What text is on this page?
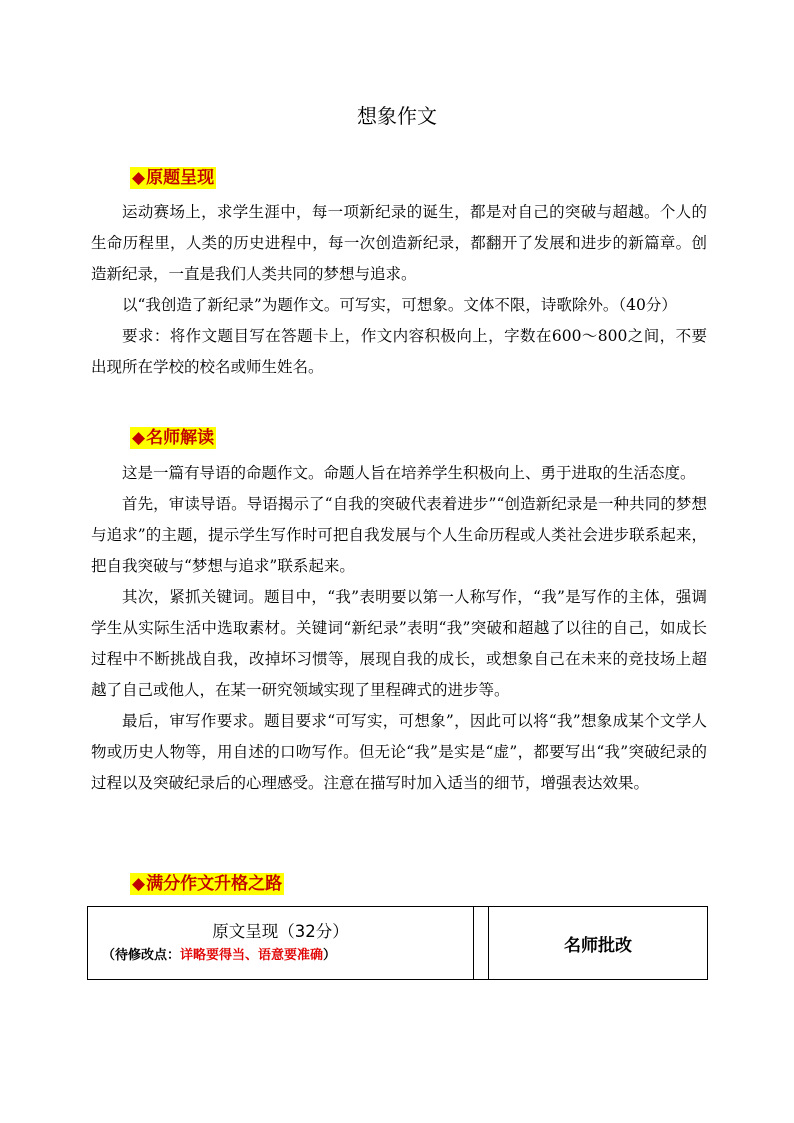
想象作文
◆原题呈现

运动赛场上，求学生涯中，每一项新纪录的诞生，都是对自己的突破与超越。个人的生命历程里，人类的历史进程中，每一次创造新纪录，都翻开了发展和进步的新篇章。创造新纪录，一直是我们人类共同的梦想与追求。

以“我创造了新纪录”为题作文。可写实，可想象。文体不限，诗歌除外。（40分）

要求：将作文题目写在答题卡上，作文内容积极向上，字数在600～800之间，不要出现所在学校的校名或师生姓名。

◆名师解读

这是一篇有导语的命题作文。命题人旨在培养学生积极向上、勇于进取的生活态度。

首先，审读导语。导语揭示了“自我的突破代表着进步”“创造新纪录是一种共同的梦想与追求”的主题，提示学生写作时可把自我发展与个人生命历程或人类社会进步联系起来，把自我突破与“梦想与追求”联系起来。

其次，紧抓关键词。题目中，“我”表明要以第一人称写作，“我”是写作的主体，强调学生从实际生活中选取素材。关键词“新纪录”表明“我”突破和超越了以往的自己，如成长过程中不断挑战自我，改掉坏习惯等，展现自我的成长，或想象自己在未来的竞技场上超越了自己或他人，在某一研究领域实现了里程碑式的进步等。

最后，审写作要求。题目要求“可写实，可想象”，因此可以将“我”想象成某个文学人物或历史人物等，用自述的口吻写作。但无论“我”是实是“虚”，都要写出“我”突破纪录的过程以及突破纪录后的心理感受。注意在描写时加入适当的细节，增强表达效果。

◆满分作文升格之路
原文呈现（32分）
（待修改点：详略要得当、语意要准确）		名师批改
